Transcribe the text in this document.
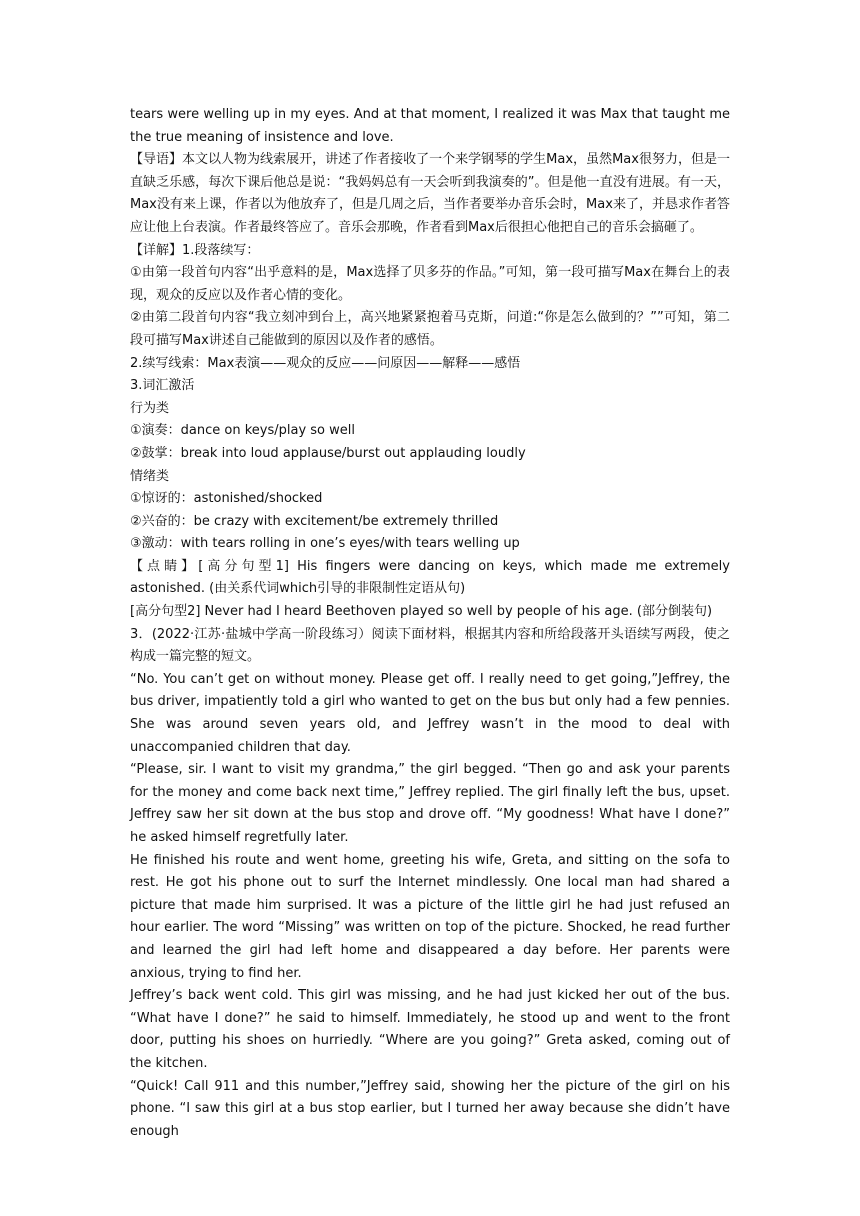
tears were welling up in my eyes. And at that moment, I realized it was Max that taught me the true meaning of insistence and love.

【导语】本文以人物为线索展开，讲述了作者接收了一个来学钢琴的学生Max，虽然Max很努力，但是一直缺乏乐感，每次下课后他总是说：“我妈妈总有一天会听到我演奏的”。但是他一直没有进展。有一天，Max没有来上课，作者以为他放弃了，但是几周之后，当作者要举办音乐会时，Max来了，并恳求作者答应让他上台表演。作者最终答应了。音乐会那晚，作者看到Max后很担心他把自己的音乐会搞砸了。

【详解】1.段落续写：

①由第一段首句内容“出乎意料的是，Max选择了贝多芬的作品。”可知，第一段可描写Max在舞台上的表现，观众的反应以及作者心情的变化。

②由第二段首句内容“我立刻冲到台上，高兴地紧紧抱着马克斯，问道:“你是怎么做到的？””可知，第二段可描写Max讲述自己能做到的原因以及作者的感悟。

2.续写线索：Max表演——观众的反应——问原因——解释——感悟

3.词汇激活

行为类

①演奏：dance on keys/play so well

②鼓掌：break into loud applause/burst out applauding loudly

情绪类

①惊讶的：astonished/shocked

②兴奋的：be crazy with excitement/be extremely thrilled

③激动：with tears rolling in one’s eyes/with tears welling up

【点睛】[高分句型1] His fingers were dancing on keys, which made me extremely astonished. (由关系代词which引导的非限制性定语从句)

[高分句型2] Never had I heard Beethoven played so well by people of his age. (部分倒装句)

3．(2022·江苏·盐城中学高一阶段练习）阅读下面材料，根据其内容和所给段落开头语续写两段，使之构成一篇完整的短文。

“No. You can’t get on without money. Please get off. I really need to get going,”Jeffrey, the bus driver, impatiently told a girl who wanted to get on the bus but only had a few pennies. She was around seven years old, and Jeffrey wasn’t in the mood to deal with unaccompanied children that day.

“Please, sir. I want to visit my grandma,” the girl begged. “Then go and ask your parents for the money and come back next time,” Jeffrey replied. The girl finally left the bus, upset. Jeffrey saw her sit down at the bus stop and drove off. “My goodness! What have I done?” he asked himself regretfully later.

He finished his route and went home, greeting his wife, Greta, and sitting on the sofa to rest. He got his phone out to surf the Internet mindlessly. One local man had shared a picture that made him surprised. It was a picture of the little girl he had just refused an hour earlier. The word “Missing” was written on top of the picture. Shocked, he read further and learned the girl had left home and disappeared a day before. Her parents were anxious, trying to find her.

Jeffrey’s back went cold. This girl was missing, and he had just kicked her out of the bus. “What have I done?” he said to himself. Immediately, he stood up and went to the front door, putting his shoes on hurriedly. “Where are you going?” Greta asked, coming out of the kitchen.

“Quick! Call 911 and this number,”Jeffrey said, showing her the picture of the girl on his phone. “I saw this girl at a bus stop earlier, but I turned her away because she didn’t have enough
